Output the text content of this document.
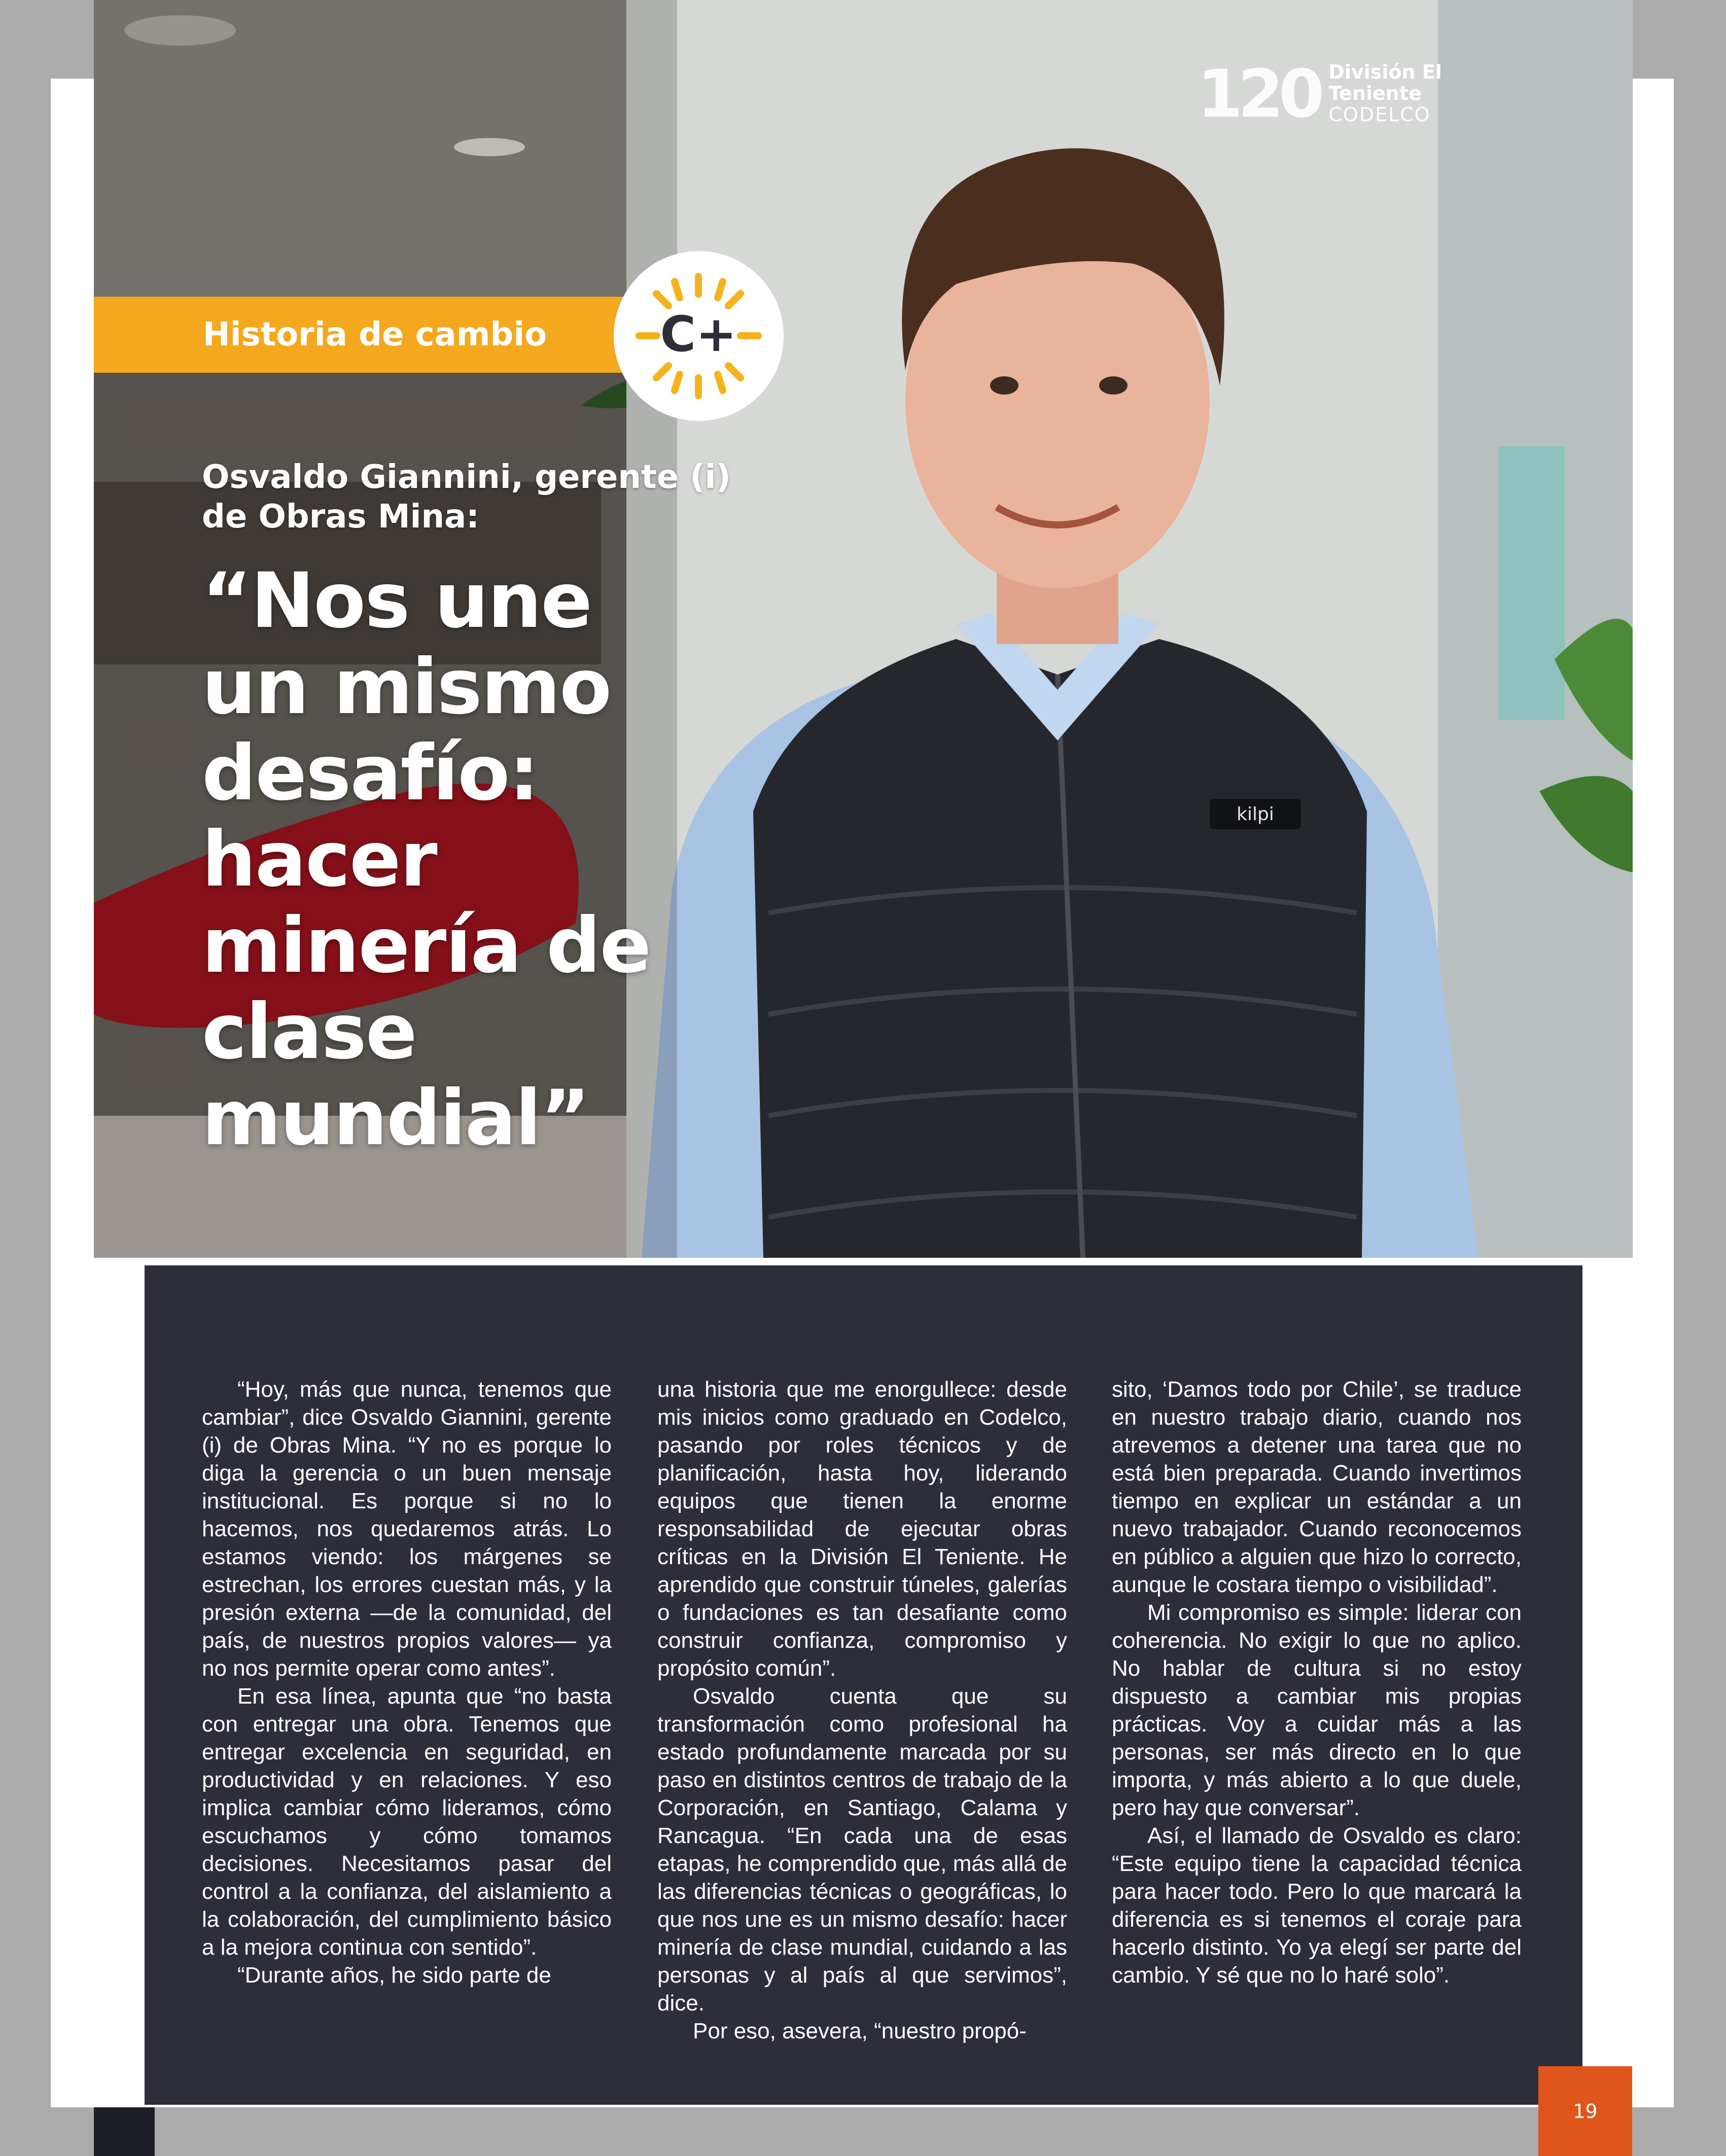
kilpi
120 División El Teniente
CODELCO
Historia de cambio C+
Osvaldo Giannini, gerente (i) de Obras Mina:
“Nos une un mismo desafío: hacer minería de clase mundial”

“Hoy, más que nunca, tenemos que cambiar”, dice Osvaldo Giannini, gerente (i) de Obras Mina. “Y no es porque lo diga la gerencia o un buen mensaje institucional. Es porque si no lo hacemos, nos quedaremos atrás. Lo estamos viendo: los márgenes se estrechan, los errores cuestan más, y la presión externa —de la comunidad, del país, de nuestros propios valores— ya no nos permite operar como antes”.

En esa línea, apunta que “no basta con entregar una obra. Tenemos que entregar excelencia en seguridad, en productividad y en relaciones. Y eso implica cambiar cómo lideramos, cómo escuchamos y cómo tomamos decisiones. Necesitamos pasar del control a la confianza, del aislamiento a la colaboración, del cumplimiento básico a la mejora continua con sentido”.

“Durante años, he sido parte de

una historia que me enorgullece: desde mis inicios como graduado en Codelco, pasando por roles técnicos y de planificación, hasta hoy, liderando equipos que tienen la enorme responsabilidad de ejecutar obras críticas en la División El Teniente. He aprendido que construir túneles, galerías o fundaciones es tan desafiante como construir confianza, compromiso y propósito común”.

Osvaldo cuenta que su transformación como profesional ha estado profundamente marcada por su paso en distintos centros de trabajo de la Corporación, en Santiago, Calama y Rancagua. “En cada una de esas etapas, he comprendido que, más allá de las diferencias técnicas o geográficas, lo que nos une es un mismo desafío: hacer minería de clase mundial, cuidando a las personas y al país al que servimos”, dice.

Por eso, asevera, “nuestro propó-

sito, ‘Damos todo por Chile’, se traduce en nuestro trabajo diario, cuando nos atrevemos a detener una tarea que no está bien preparada. Cuando invertimos tiempo en explicar un estándar a un nuevo trabajador. Cuando reconocemos en público a alguien que hizo lo correcto, aunque le costara tiempo o visibilidad”.

Mi compromiso es simple: liderar con coherencia. No exigir lo que no aplico. No hablar de cultura si no estoy dispuesto a cambiar mis propias prácticas. Voy a cuidar más a las personas, ser más directo en lo que importa, y más abierto a lo que duele, pero hay que conversar”.

Así, el llamado de Osvaldo es claro: “Este equipo tiene la capacidad técnica para hacer todo. Pero lo que marcará la diferencia es si tenemos el coraje para hacerlo distinto. Yo ya elegí ser parte del cambio. Y sé que no lo haré solo”.

19
